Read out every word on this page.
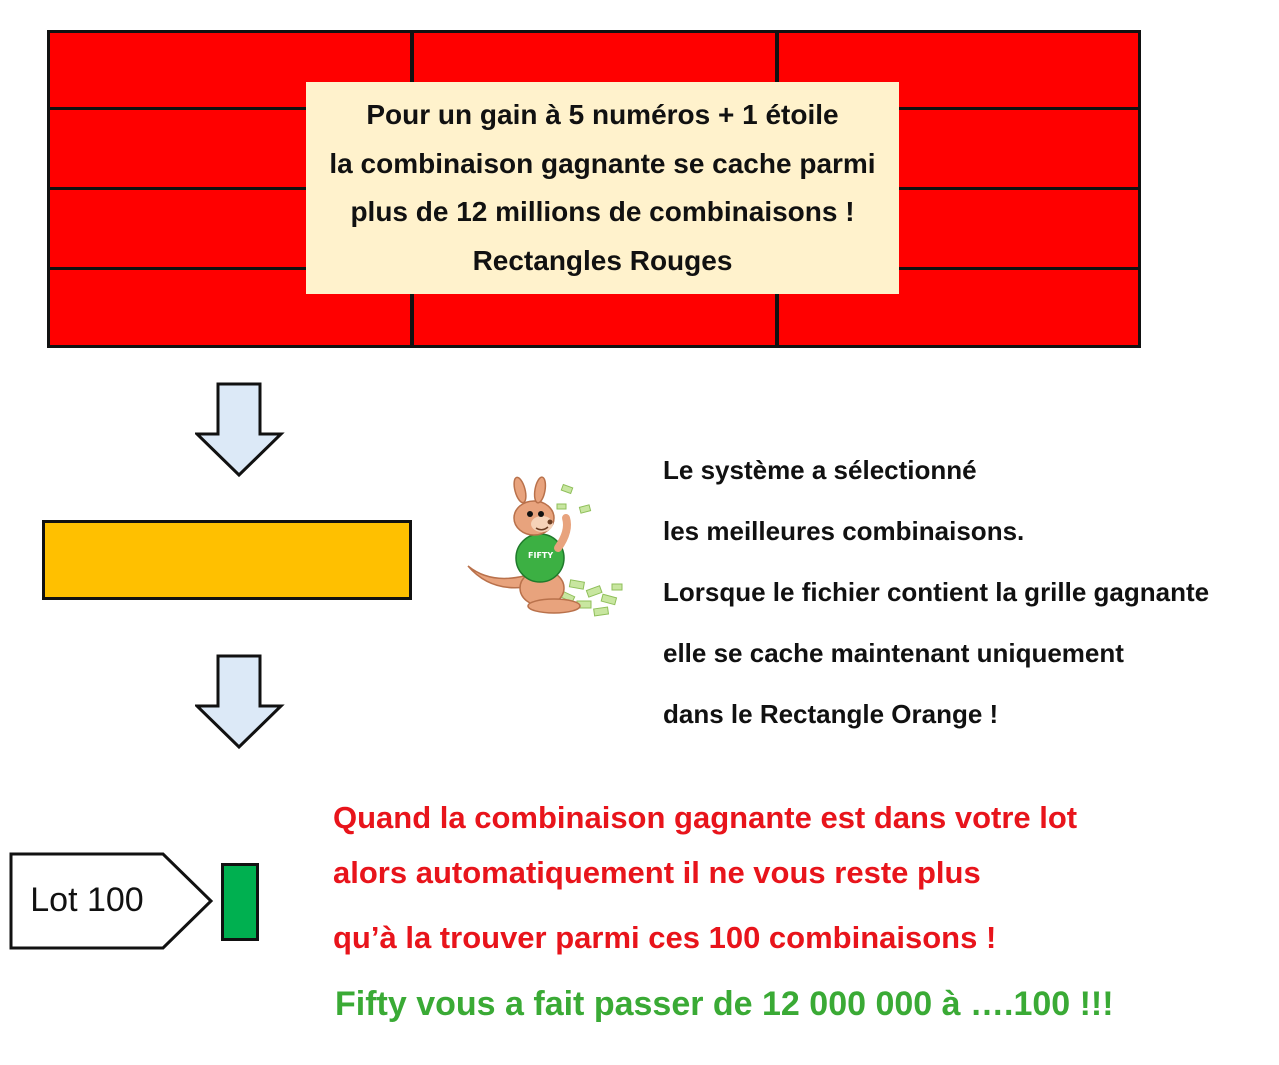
Pour un gain à 5 numéros + 1 étoile
la combinaison gagnante se cache parmi
plus de 12 millions de combinaisons !
Rectangles Rouges
FIFTY
Le système a sélectionné
les meilleures combinaisons.
Lorsque le fichier contient la grille gagnante
elle se cache maintenant uniquement
dans le Rectangle Orange !
Lot 100
Quand la combinaison gagnante est dans votre lot
alors automatiquement il ne vous reste plus
qu’à la trouver parmi ces 100 combinaisons !
Fifty vous a fait passer de 12 000 000 à ….100 !!!
